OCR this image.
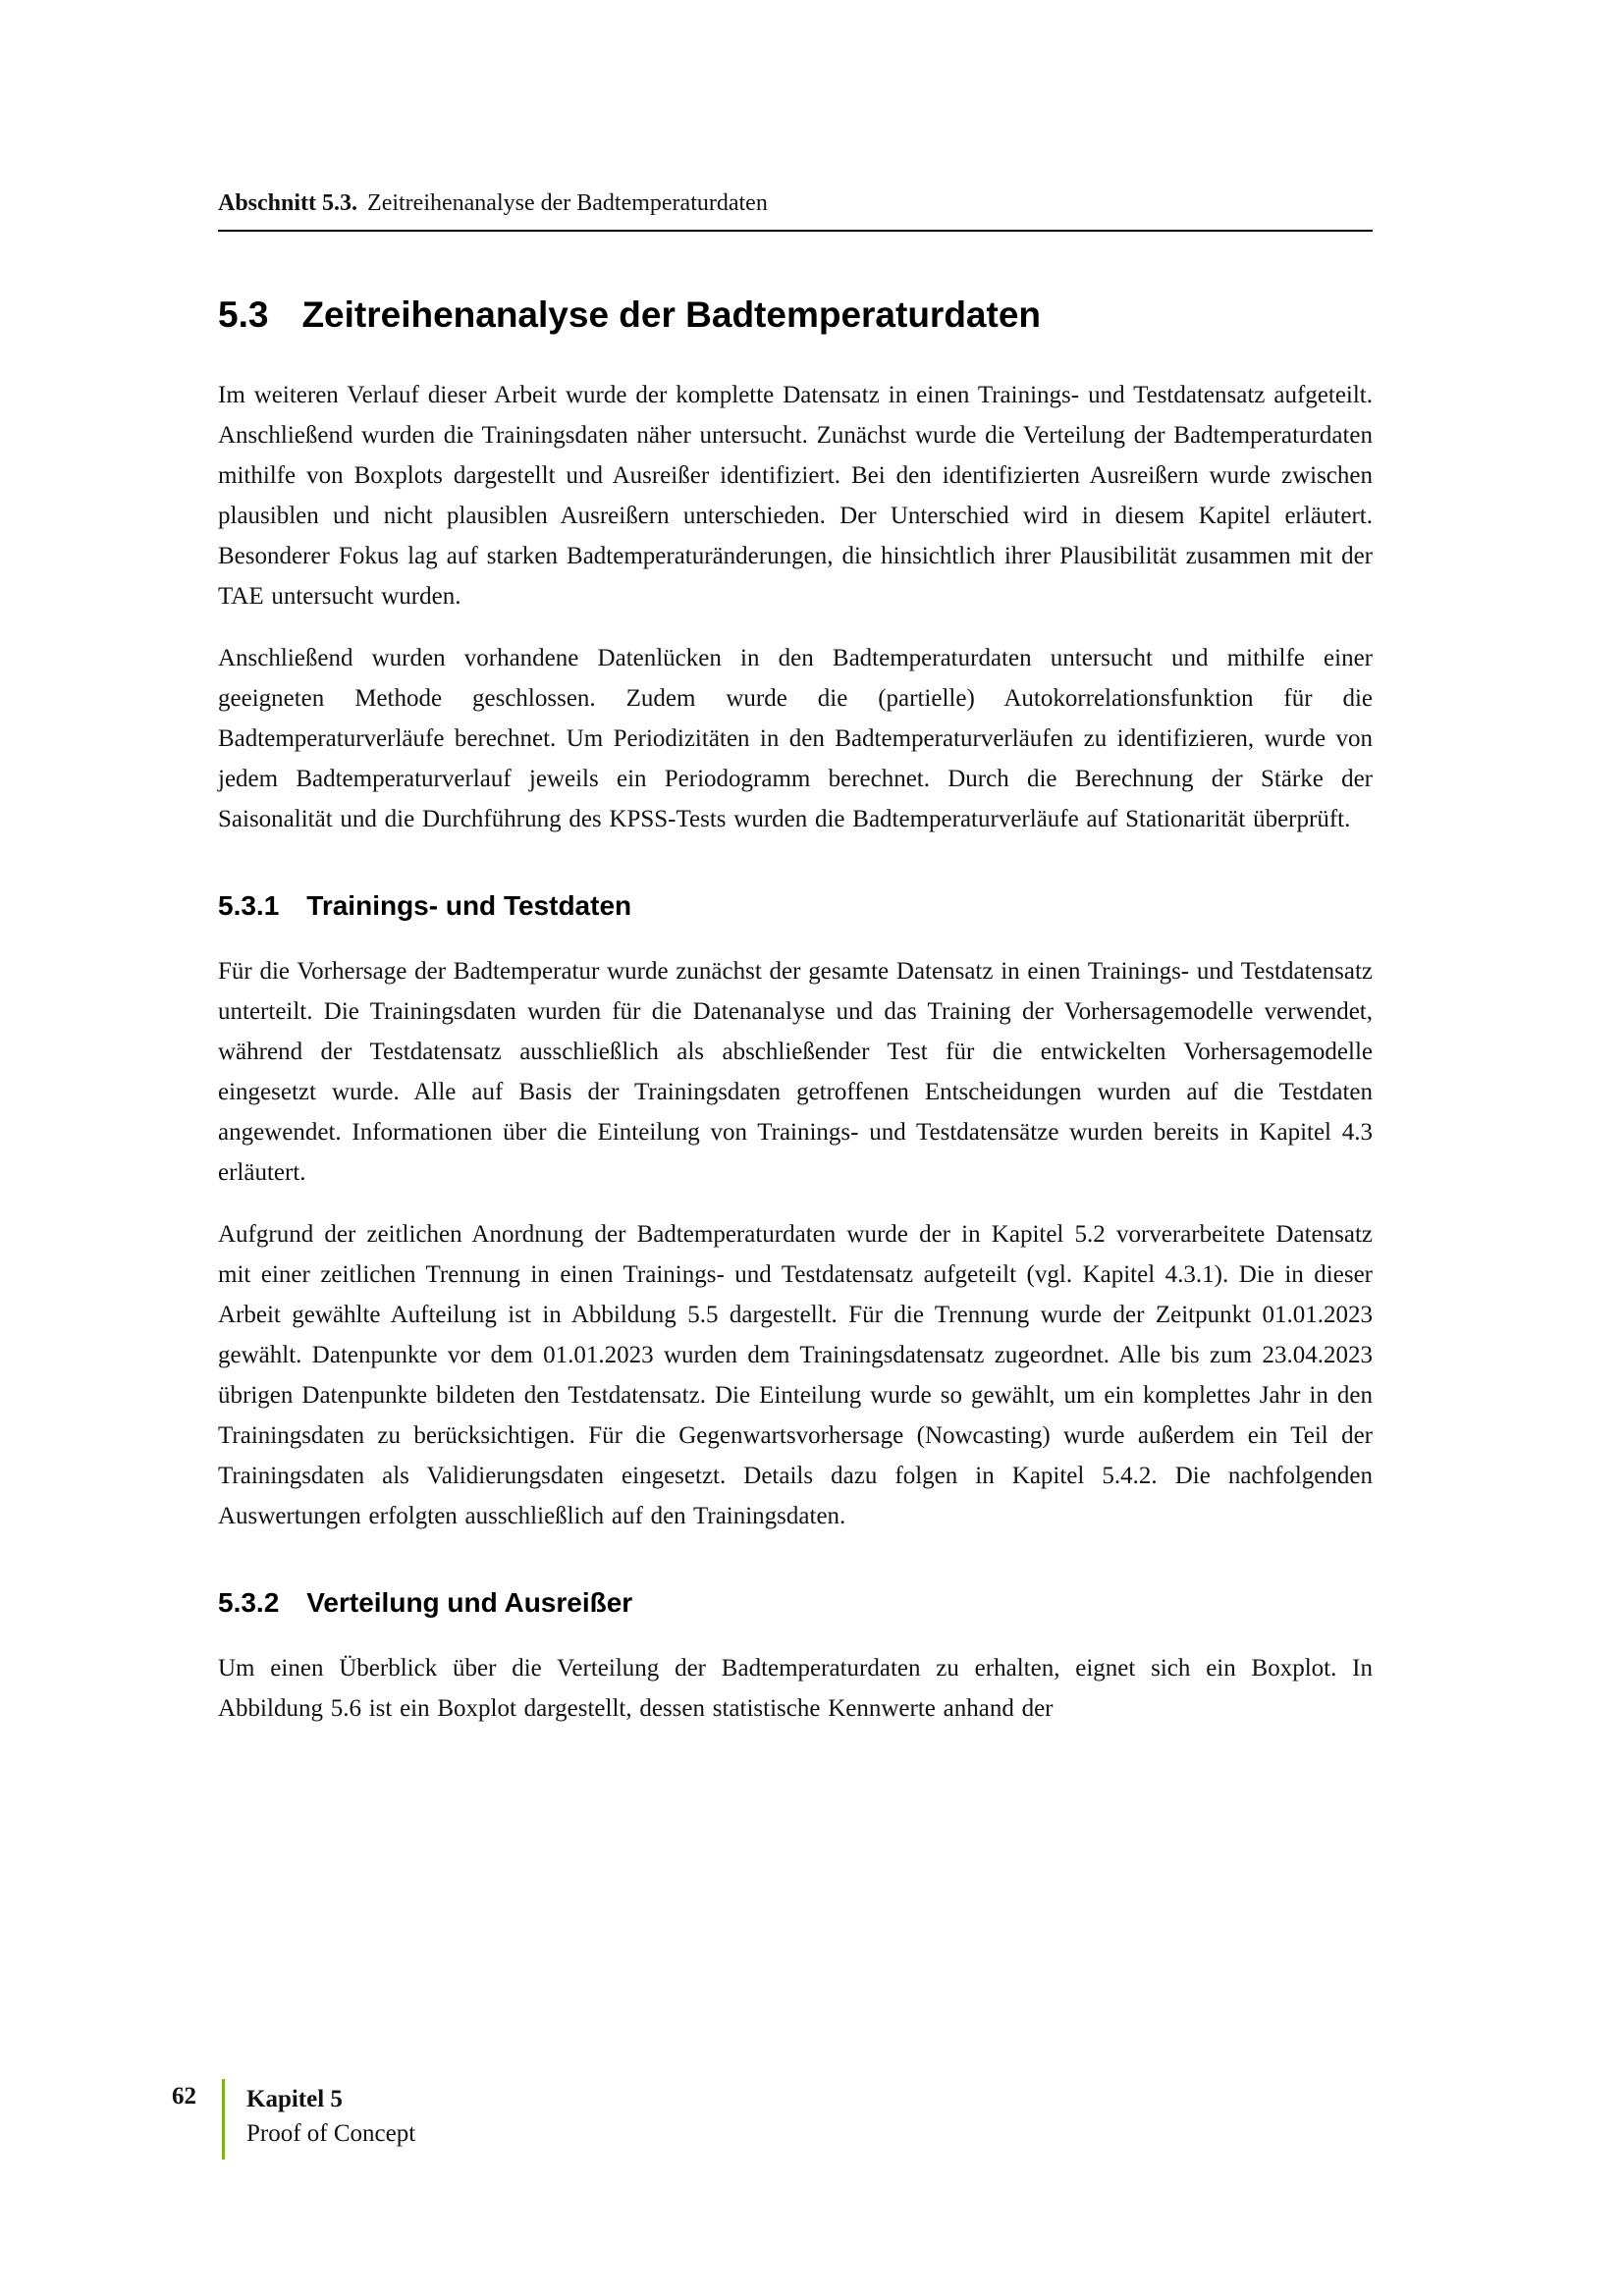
Abschnitt 5.3. Zeitreihenanalyse der Badtemperaturdaten
5.3 Zeitreihenanalyse der Badtemperaturdaten

Im weiteren Verlauf dieser Arbeit wurde der komplette Datensatz in einen Trainings- und Testdatensatz aufgeteilt. Anschließend wurden die Trainingsdaten näher untersucht. Zunächst wurde die Verteilung der Badtemperaturdaten mithilfe von Boxplots dargestellt und Ausreißer identifiziert. Bei den identifizierten Ausreißern wurde zwischen plausiblen und nicht plausiblen Ausreißern unterschieden. Der Unterschied wird in diesem Kapitel erläutert. Besonderer Fokus lag auf starken Badtemperaturänderungen, die hinsichtlich ihrer Plausibilität zusammen mit der TAE untersucht wurden.

Anschließend wurden vorhandene Datenlücken in den Badtemperaturdaten untersucht und mithilfe einer geeigneten Methode geschlossen. Zudem wurde die (partielle) Autokorrelationsfunktion für die Badtemperaturverläufe berechnet. Um Periodizitäten in den Badtemperaturverläufen zu identifizieren, wurde von jedem Badtemperaturverlauf jeweils ein Periodogramm berechnet. Durch die Berechnung der Stärke der Saisonalität und die Durchführung des KPSS-Tests wurden die Badtemperaturverläufe auf Stationarität überprüft.

5.3.1 Trainings- und Testdaten

Für die Vorhersage der Badtemperatur wurde zunächst der gesamte Datensatz in einen Trainings- und Testdatensatz unterteilt. Die Trainingsdaten wurden für die Datenanalyse und das Training der Vorhersagemodelle verwendet, während der Testdatensatz ausschließlich als abschließender Test für die entwickelten Vorhersagemodelle eingesetzt wurde. Alle auf Basis der Trainingsdaten getroffenen Entscheidungen wurden auf die Testdaten angewendet. Informationen über die Einteilung von Trainings- und Testdatensätze wurden bereits in Kapitel 4.3 erläutert.

Aufgrund der zeitlichen Anordnung der Badtemperaturdaten wurde der in Kapitel 5.2 vorverarbeitete Datensatz mit einer zeitlichen Trennung in einen Trainings- und Testdatensatz aufgeteilt (vgl. Kapitel 4.3.1). Die in dieser Arbeit gewählte Aufteilung ist in Abbildung 5.5 dargestellt. Für die Trennung wurde der Zeitpunkt 01.01.2023 gewählt. Datenpunkte vor dem 01.01.2023 wurden dem Trainingsdatensatz zugeordnet. Alle bis zum 23.04.2023 übrigen Datenpunkte bildeten den Testdatensatz. Die Einteilung wurde so gewählt, um ein komplettes Jahr in den Trainingsdaten zu berücksichtigen. Für die Gegenwartsvorhersage (Nowcasting) wurde außerdem ein Teil der Trainingsdaten als Validierungsdaten eingesetzt. Details dazu folgen in Kapitel 5.4.2. Die nachfolgenden Auswertungen erfolgten ausschließlich auf den Trainingsdaten.

5.3.2 Verteilung und Ausreißer

Um einen Überblick über die Verteilung der Badtemperaturdaten zu erhalten, eignet sich ein Boxplot. In Abbildung 5.6 ist ein Boxplot dargestellt, dessen statistische Kennwerte anhand der

62 Kapitel 5
Proof of Concept
